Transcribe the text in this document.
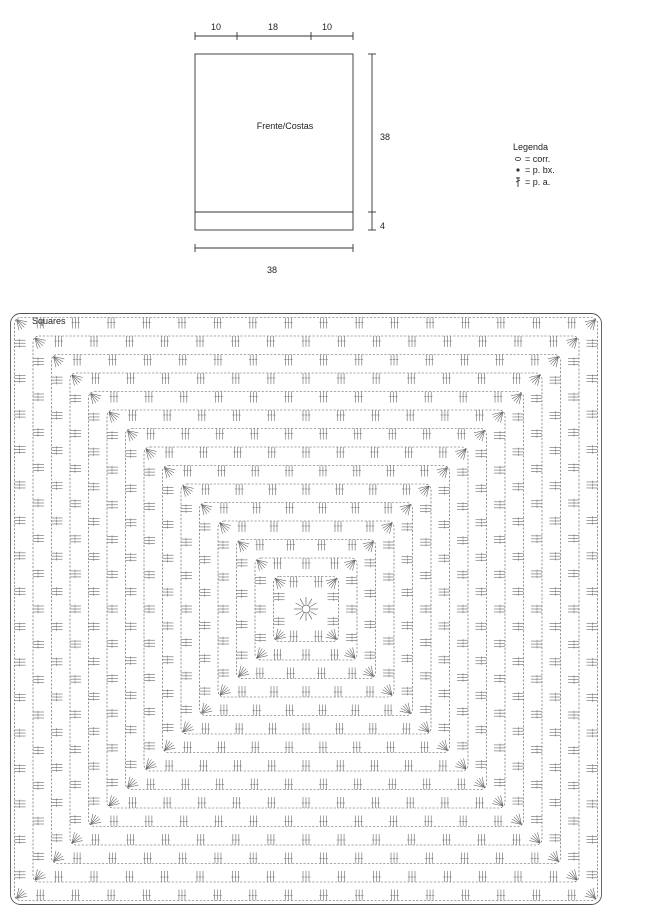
10	18	10
Frente/Costas
38
4
38
Legenda
= corr.
= p. bx.
= p. a.
Squares
